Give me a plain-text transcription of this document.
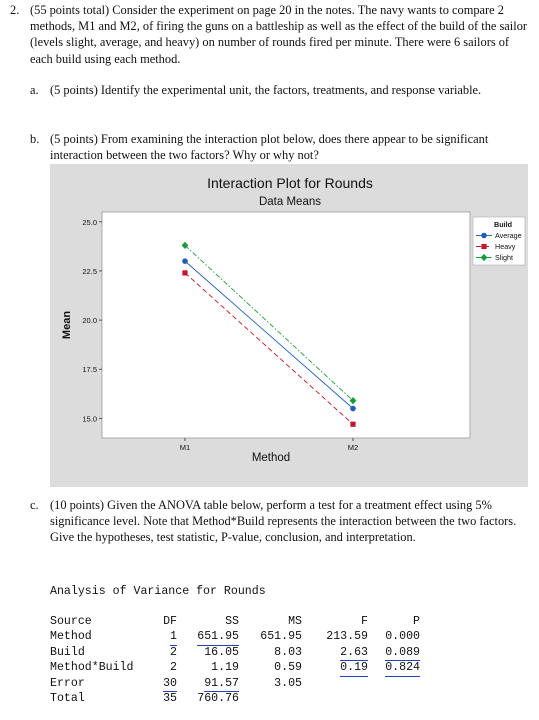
2. (55 points total) Consider the experiment on page 20 in the notes. The navy wants to compare 2 methods, M1 and M2, of firing the guns on a battleship as well as the effect of the build of the sailor (levels slight, average, and heavy) on number of rounds fired per minute. There were 6 sailors of each build using each method.
a. (5 points) Identify the experimental unit, the factors, treatments, and response variable.
b. (5 points) From examining the interaction plot below, does there appear to be significant interaction between the two factors? Why or why not?
Interaction Plot for Rounds
Data Means
15.0
17.5
20.0
22.5
25.0
M1	M2
Mean
Method
Build
Average
Heavy
Slight
c. (10 points) Given the ANOVA table below, perform a test for a treatment effect using 5% significance level. Note that Method*Build represents the interaction between the two factors. Give the hypotheses, test statistic, P-value, conclusion, and interpretation.
Analysis of Variance for Rounds
Source	DF	SS	MS	F	P
Method	1 651.95 651.95 213.59 0.000
Build	2 16.05	8.03	2.63 0.089
Method*Build	2	1.19	0.59	0.19 0.824
Error	30 91.57	3.05
Total	35 760.76
